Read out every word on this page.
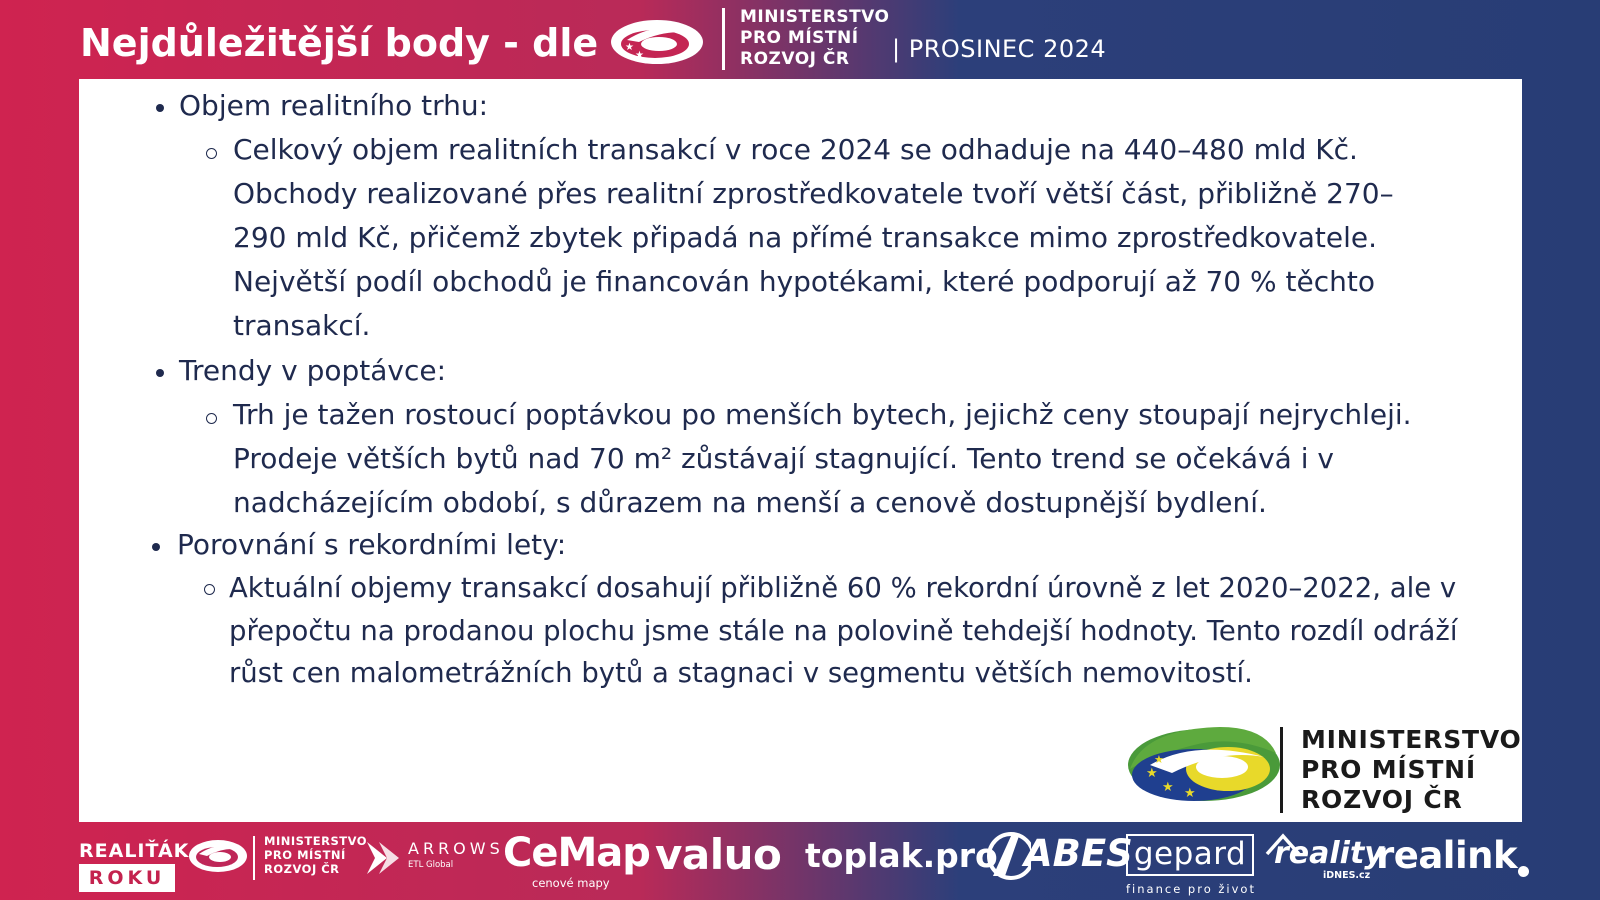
Nejdůležitější body - dle	★
★
MINISTERSTVO
PRO MÍSTNÍ
ROZVOJ ČR	| PROSINEC 2024
Objem realitního trhu:
Celkový objem realitních transakcí v roce 2024 se odhaduje na 440–480 mld Kč. Obchody realizované přes realitní zprostředkovatele tvoří větší část, přibližně 270–290 mld Kč, přičemž zbytek připadá na přímé transakce mimo zprostředkovatele. Největší podíl obchodů je financován hypotékami, které podporují až 70 % těchto transakcí.
Trendy v poptávce:
Trh je tažen rostoucí poptávkou po menších bytech, jejichž ceny stoupají nejrychleji. Prodeje větších bytů nad 70 m² zůstávají stagnující. Tento trend se očekává i v nadcházejícím období, s důrazem na menší a cenově dostupnější bydlení.
Porovnání s rekordními lety:
Aktuální objemy transakcí dosahují přibližně 60 % rekordní úrovně z let 2020–2022, ale v přepočtu na prodanou plochu jsme stále na polovině tehdejší hodnoty. Tento rozdíl odráží růst cen malometrážních bytů a stagnaci v segmentu větších nemovitostí.
★
★ ★
★
MINISTERSTVO
PRO MÍSTNÍ
ROZVOJ ČR
REALIŤÁK
ROKU
MINISTERSTVO
PRO MÍSTNÍ
ROZVOJ ČR
ARROWS
ETL Global CeMap
cenové mapy
valuo toplak.pro ABES gepard
finance pro život
reality
iDNES.cz realink
